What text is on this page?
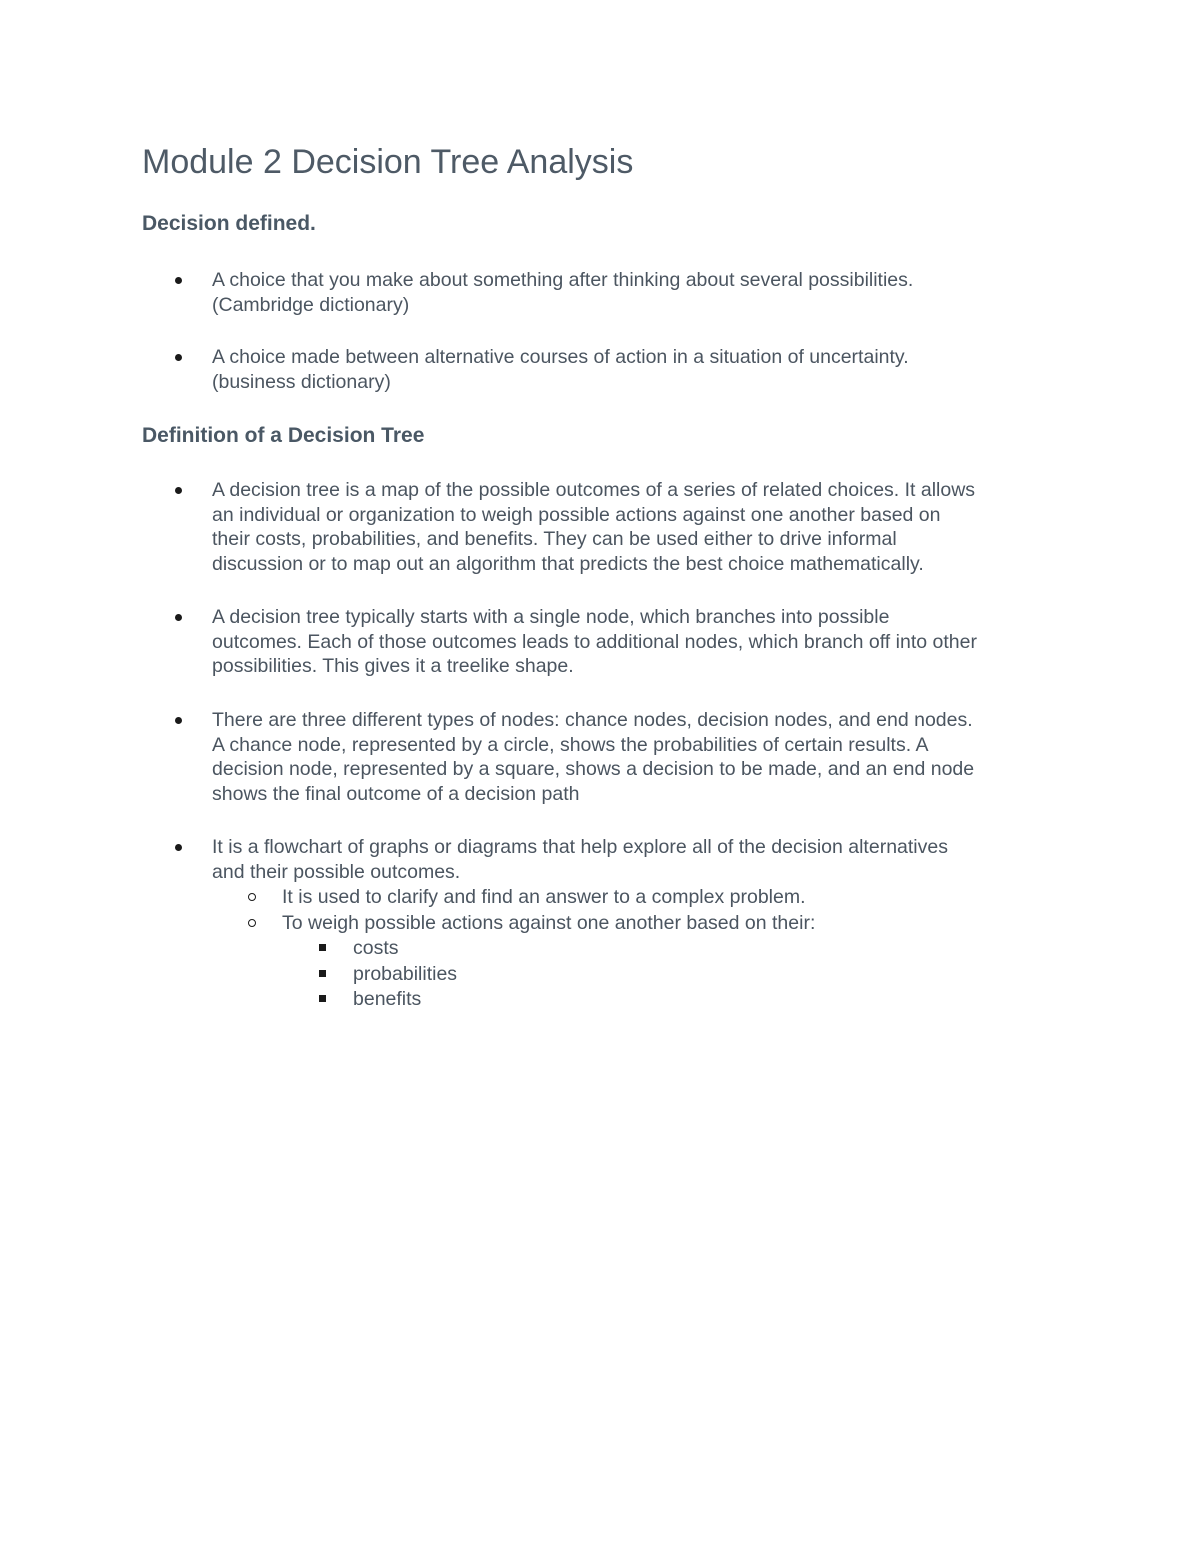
Module 2 Decision Tree Analysis
Decision defined.
A choice that you make about something after thinking about several possibilities.
(Cambridge dictionary)
A choice made between alternative courses of action in a situation of uncertainty.
(business dictionary)
Definition of a Decision Tree
A decision tree is a map of the possible outcomes of a series of related choices. It allows
an individual or organization to weigh possible actions against one another based on
their costs, probabilities, and benefits. They can be used either to drive informal
discussion or to map out an algorithm that predicts the best choice mathematically.
A decision tree typically starts with a single node, which branches into possible
outcomes. Each of those outcomes leads to additional nodes, which branch off into other
possibilities. This gives it a treelike shape.
There are three different types of nodes: chance nodes, decision nodes, and end nodes.
A chance node, represented by a circle, shows the probabilities of certain results. A
decision node, represented by a square, shows a decision to be made, and an end node
shows the final outcome of a decision path
It is a flowchart of graphs or diagrams that help explore all of the decision alternatives
and their possible outcomes.
It is used to clarify and find an answer to a complex problem.
To weigh possible actions against one another based on their:
costs
probabilities
benefits
